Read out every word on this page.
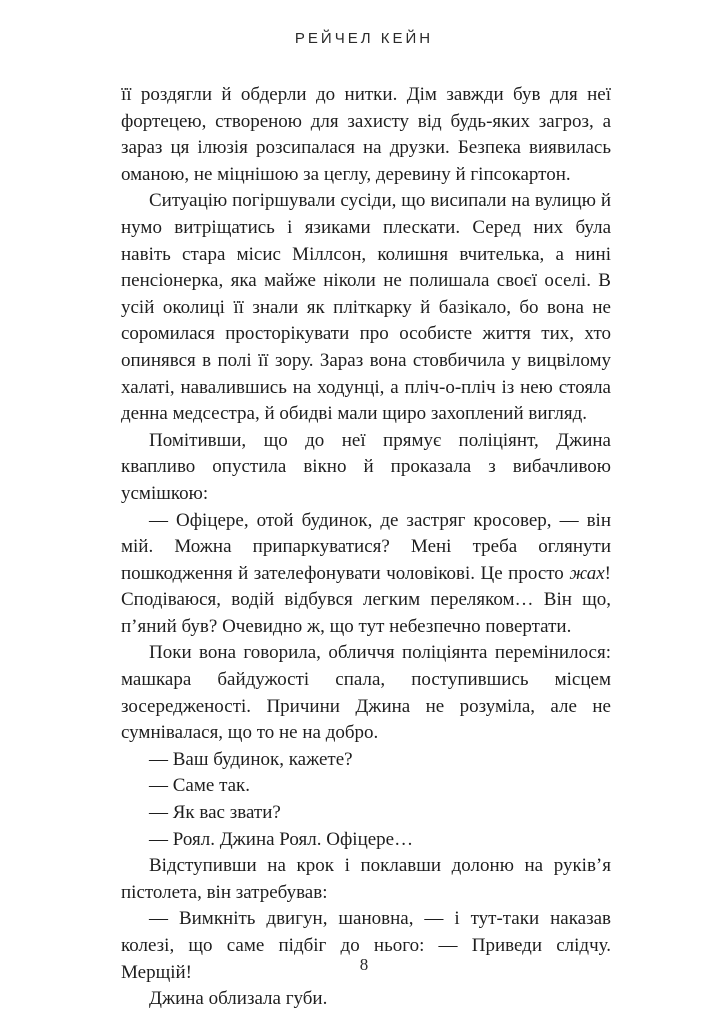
РЕЙЧЕЛ КЕЙН

її роздягли й обдерли до нитки. Дім завжди був для неї фортецею, створеною для захисту від будь-яких загроз, а зараз ця ілюзія розсипалася на друзки. Безпека виявилась оманою, не міцнішою за цеглу, деревину й гіпсокартон.

Ситуацію погіршували сусіди, що висипали на вулицю й нумо витріщатись і язиками плескати. Серед них була навіть стара місис Міллсон, колишня вчителька, а нині пенсіонерка, яка майже ніколи не полишала своєї оселі. В усій околиці її знали як пліткарку й базікало, бо вона не соромилася просторікувати про особисте життя тих, хто опинявся в полі її зору. Зараз вона стовбичила у вицвілому халаті, навалившись на ходунці, а пліч-о-пліч із нею стояла денна медсестра, й обидві мали щиро захоплений вигляд.

Помітивши, що до неї прямує поліціянт, Джина квапливо опустила вікно й проказала з вибачливою усмішкою:

— Офіцере, отой будинок, де застряг кросовер, — він мій. Можна припаркуватися? Мені треба оглянути пошкодження й зателефонувати чоловікові. Це просто жах! Сподіваюся, водій відбувся легким переляком… Він що, п’яний був? Очевидно ж, що тут небезпечно повертати.

Поки вона говорила, обличчя поліціянта перемінилося: машкара байдужості спала, поступившись місцем зосередженості. Причини Джина не розуміла, але не сумнівалася, що то не на добро.

— Ваш будинок, кажете?

— Саме так.

— Як вас звати?

— Роял. Джина Роял. Офіцере…

Відступивши на крок і поклавши долоню на руків’я пістолета, він затребував:

— Вимкніть двигун, шановна, — і тут-таки наказав колезі, що саме підбіг до нього: — Приведи слідчу. Мерщій!

Джина облизала губи.

8
